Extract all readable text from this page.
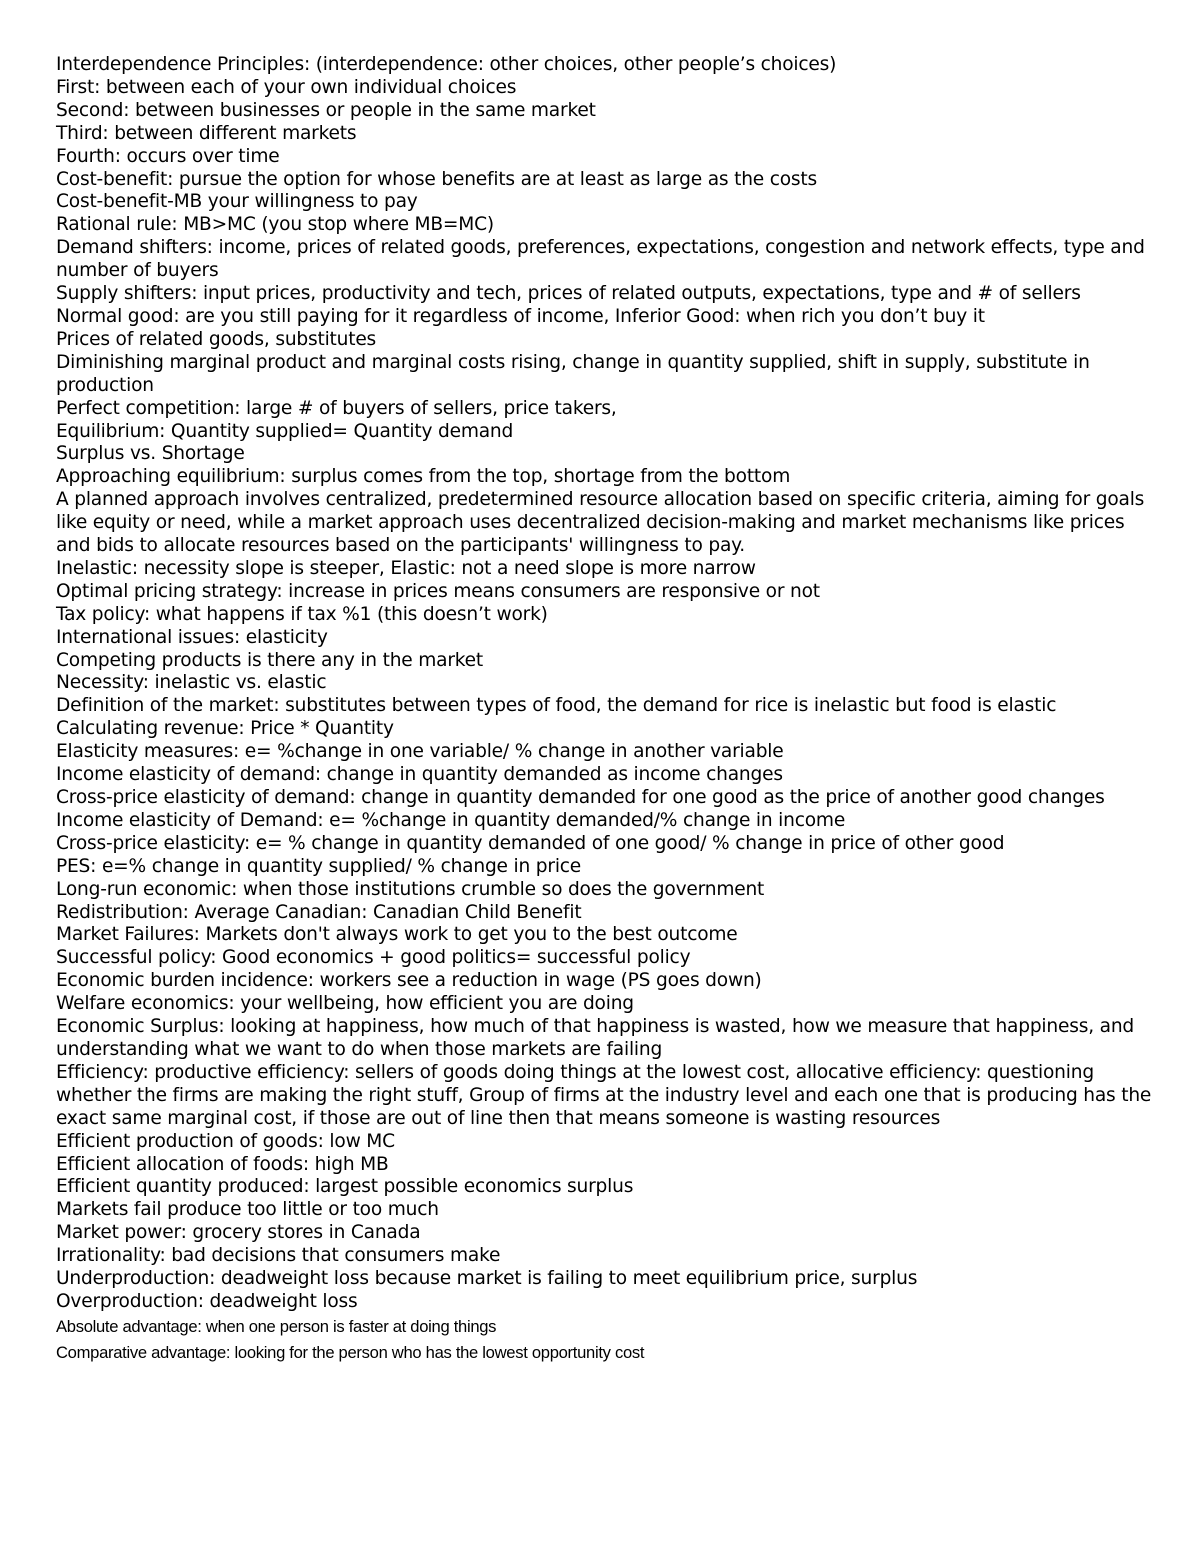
Interdependence Principles: (interdependence: other choices, other people’s choices)

First: between each of your own individual choices

Second: between businesses or people in the same market

Third: between different markets

Fourth: occurs over time

Cost-benefit: pursue the option for whose benefits are at least as large as the costs

Cost-benefit-MB your willingness to pay

Rational rule: MB>MC (you stop where MB=MC)

Demand shifters: income, prices of related goods, preferences, expectations, congestion and network effects, type and number of buyers

Supply shifters: input prices, productivity and tech, prices of related outputs, expectations, type and # of sellers

Normal good: are you still paying for it regardless of income, Inferior Good: when rich you don’t buy it

Prices of related goods, substitutes

Diminishing marginal product and marginal costs rising, change in quantity supplied, shift in supply, substitute in production

Perfect competition: large # of buyers of sellers, price takers,

Equilibrium: Quantity supplied= Quantity demand

Surplus vs. Shortage

Approaching equilibrium: surplus comes from the top, shortage from the bottom

A planned approach involves centralized, predetermined resource allocation based on specific criteria, aiming for goals like equity or need, while a market approach uses decentralized decision-making and market mechanisms like prices and bids to allocate resources based on the participants' willingness to pay.

Inelastic: necessity slope is steeper, Elastic: not a need slope is more narrow

Optimal pricing strategy: increase in prices means consumers are responsive or not

Tax policy: what happens if tax %1 (this doesn’t work)

International issues: elasticity

Competing products is there any in the market

Necessity: inelastic vs. elastic

Definition of the market: substitutes between types of food, the demand for rice is inelastic but food is elastic

Calculating revenue: Price * Quantity

Elasticity measures: e= %change in one variable/ % change in another variable

Income elasticity of demand: change in quantity demanded as income changes

Cross-price elasticity of demand: change in quantity demanded for one good as the price of another good changes

Income elasticity of Demand: e= %change in quantity demanded/% change in income

Cross-price elasticity: e= % change in quantity demanded of one good/ % change in price of other good

PES: e=% change in quantity supplied/ % change in price

Long-run economic: when those institutions crumble so does the government

Redistribution: Average Canadian: Canadian Child Benefit

Market Failures: Markets don't always work to get you to the best outcome

Successful policy: Good economics + good politics= successful policy

Economic burden incidence: workers see a reduction in wage (PS goes down)

Welfare economics: your wellbeing, how efficient you are doing

Economic Surplus: looking at happiness, how much of that happiness is wasted, how we measure that happiness, and understanding what we want to do when those markets are failing

Efficiency: productive efficiency: sellers of goods doing things at the lowest cost, allocative efficiency: questioning whether the firms are making the right stuff, Group of firms at the industry level and each one that is producing has the exact same marginal cost, if those are out of line then that means someone is wasting resources

Efficient production of goods: low MC

Efficient allocation of foods: high MB

Efficient quantity produced: largest possible economics surplus

Markets fail produce too little or too much

Market power: grocery stores in Canada

Irrationality: bad decisions that consumers make

Underproduction: deadweight loss because market is failing to meet equilibrium price, surplus

Overproduction: deadweight loss

Absolute advantage: when one person is faster at doing things

Comparative advantage: looking for the person who has the lowest opportunity cost
